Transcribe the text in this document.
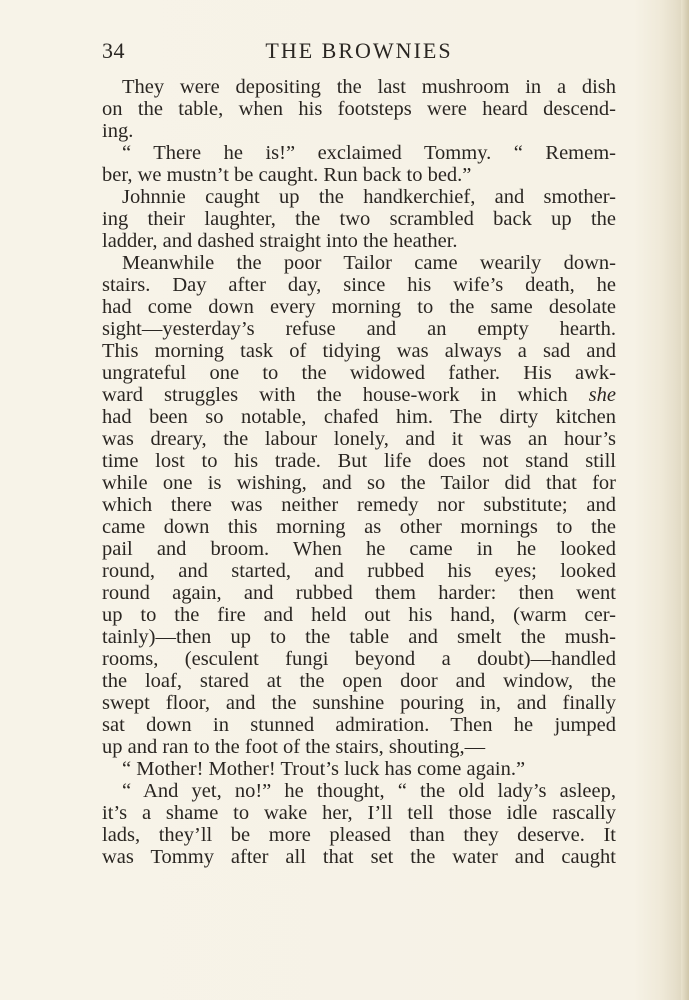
34	THE BROWNIES
They were depositing the last mushroom in a dish
on the table, when his footsteps were heard descend-
ing.
“ There he is!” exclaimed Tommy. “ Remem-
ber, we mustn’t be caught. Run back to bed.”
Johnnie caught up the handkerchief, and smother-
ing their laughter, the two scrambled back up the
ladder, and dashed straight into the heather.
Meanwhile the poor Tailor came wearily down-
stairs. Day after day, since his wife’s death, he
had come down every morning to the same desolate
sight—yesterday’s refuse and an empty hearth.
This morning task of tidying was always a sad and
ungrateful one to the widowed father. His awk-
ward struggles with the house-work in which she
had been so notable, chafed him. The dirty kitchen
was dreary, the labour lonely, and it was an hour’s
time lost to his trade. But life does not stand still
while one is wishing, and so the Tailor did that for
which there was neither remedy nor substitute; and
came down this morning as other mornings to the
pail and broom. When he came in he looked
round, and started, and rubbed his eyes; looked
round again, and rubbed them harder: then went
up to the fire and held out his hand, (warm cer-
tainly)—then up to the table and smelt the mush-
rooms, (esculent fungi beyond a doubt)—handled
the loaf, stared at the open door and window, the
swept floor, and the sunshine pouring in, and finally
sat down in stunned admiration. Then he jumped
up and ran to the foot of the stairs, shouting,—
“ Mother! Mother! Trout’s luck has come again.”
“ And yet, no!” he thought, “ the old lady’s asleep,
it’s a shame to wake her, I’ll tell those idle rascally
lads, they’ll be more pleased than they deserve. It
was Tommy after all that set the water and caught
